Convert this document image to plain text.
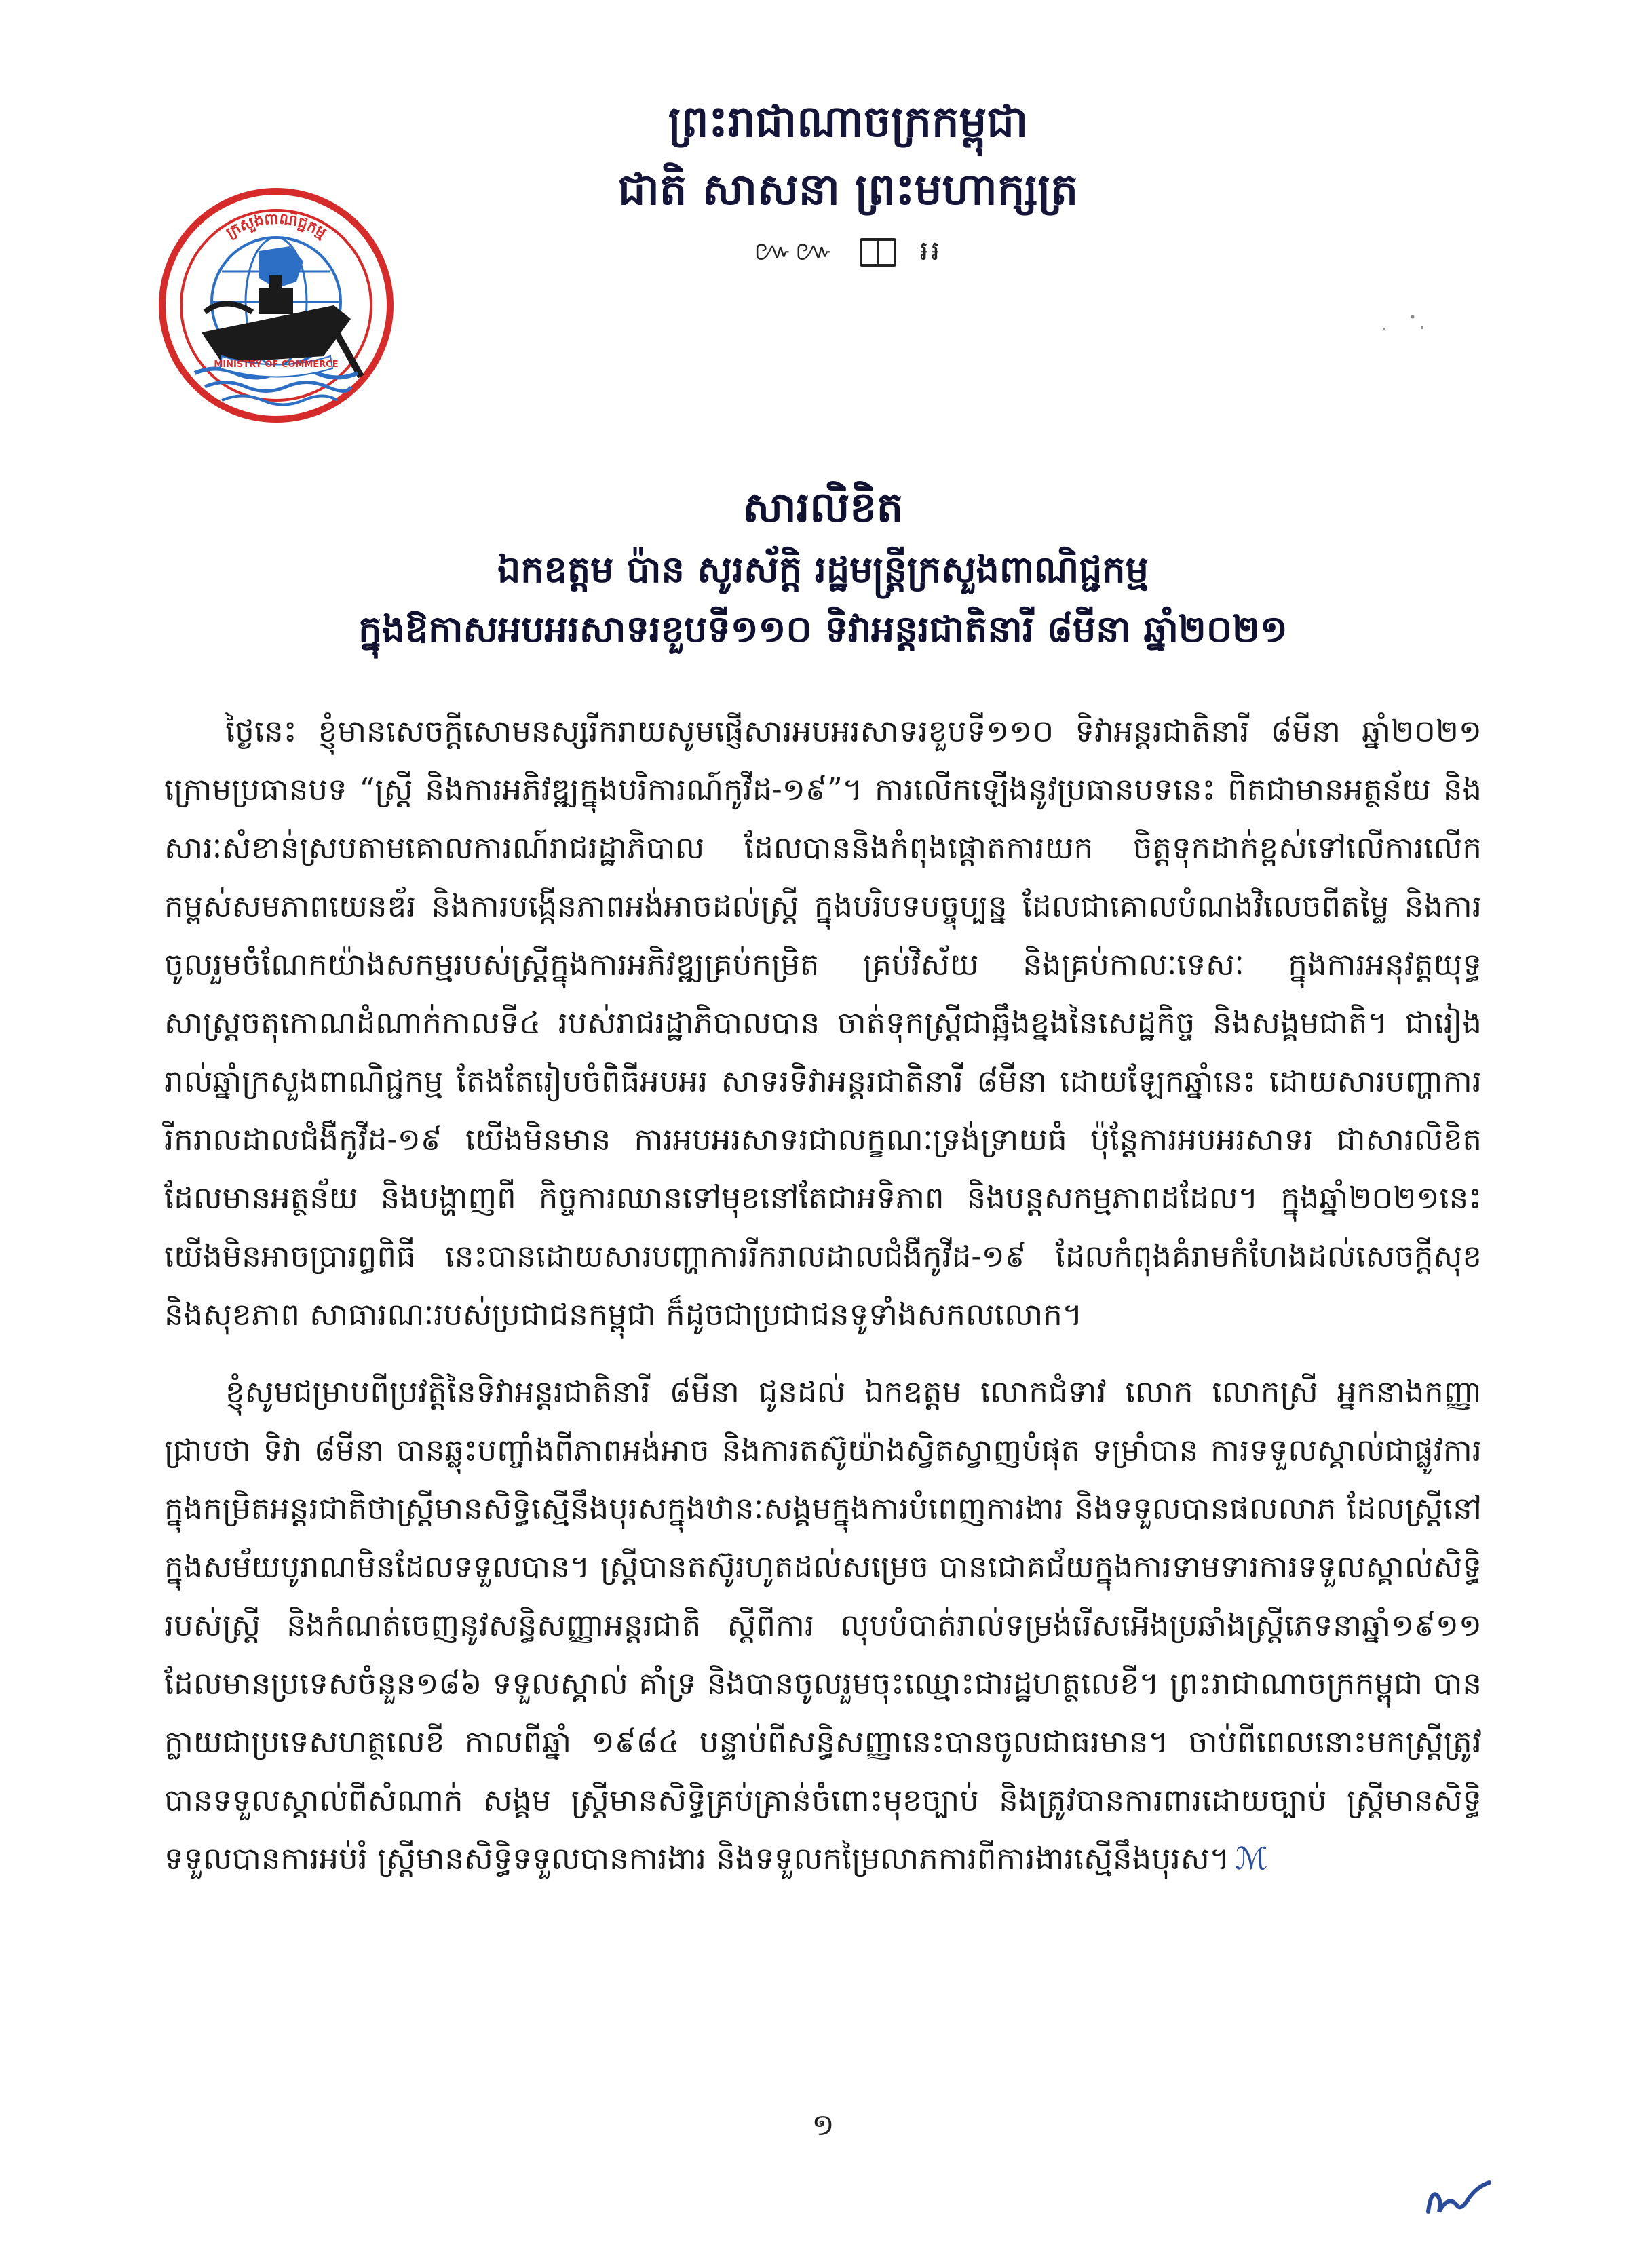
ក្រសួងពាណិជ្ជកម្ម
MINISTRY OF COMMERCE
ព្រះរាជាណាចក្រកម្ពុជា
ជាតិ សាសនា ព្រះមហាក្សត្រ
៚៚	៛៛
សារលិខិត
ឯកឧត្តម ប៉ាន សូរស័ក្តិ រដ្ឋមន្ត្រីក្រសួងពាណិជ្ជកម្ម
ក្នុងឱកាសអបអរសាទរខួបទី១១០ ទិវាអន្តរជាតិនារី ៨មីនា ឆ្នាំ២០២១

ថ្ងៃនេះ ខ្ញុំមានសេចក្តីសោមនស្សរីករាយសូមផ្ញើសារអបអរសាទរខួបទី១១០ ទិវាអន្តរជាតិនារី ៨មីនា ឆ្នាំ២០២១ ក្រោមប្រធានបទ “ស្ត្រី និងការអភិវឌ្ឍក្នុងបរិការណ៍កូវីដ-១៩”។ ការលើកឡើងនូវប្រធានបទនេះ ពិតជាមានអត្ថន័យ និងសារៈសំខាន់ស្របតាមគោលការណ៍រាជរដ្ឋាភិបាល ដែលបាននិងកំពុងផ្តោតការយក ចិត្តទុកដាក់ខ្ពស់ទៅលើការលើកកម្ពស់សមភាពយេនឌ័រ និងការបង្កើនភាពអង់អាចដល់ស្ត្រី ក្នុងបរិបទបច្ចុប្បន្ន ដែលជាគោលបំណងវិលេចពីតម្លៃ និងការចូលរួមចំណែកយ៉ាងសកម្មរបស់ស្ត្រីក្នុងការអភិវឌ្ឍគ្រប់កម្រិត គ្រប់វិស័យ និងគ្រប់កាលៈទេសៈ ក្នុងការអនុវត្តយុទ្ធសាស្រ្តចតុកោណដំណាក់កាលទី៤ របស់រាជរដ្ឋាភិបាលបាន ចាត់ទុកស្ត្រីជាឆ្អឹងខ្នងនៃសេដ្ឋកិច្ច និងសង្គមជាតិ។ ជារៀងរាល់ឆ្នាំក្រសួងពាណិជ្ជកម្ម តែងតែរៀបចំពិធីអបអរ សាទរទិវាអន្តរជាតិនារី ៨មីនា ដោយឡែកឆ្នាំនេះ ដោយសារបញ្ហាការរីករាលដាលជំងឺកូវីដ-១៩ យើងមិនមាន ការអបអរសាទរជាលក្ខណៈទ្រង់ទ្រាយធំ ប៉ុន្តែការអបអរសាទរ ជាសារលិខិតដែលមានអត្ថន័យ និងបង្ហាញពី កិច្ចការឈានទៅមុខនៅតែជាអទិភាព និងបន្តសកម្មភាពដដែល។ ក្នុងឆ្នាំ២០២១នេះ យើងមិនអាចប្រារព្ធពិធី នេះបានដោយសារបញ្ហាការរីករាលដាលជំងឺកូវីដ-១៩ ដែលកំពុងគំរាមកំហែងដល់សេចក្តីសុខ និងសុខភាព សាធារណៈរបស់ប្រជាជនកម្ពុជា ក៏ដូចជាប្រជាជនទូទាំងសកលលោក។

ខ្ញុំសូមជម្រាបពីប្រវត្តិនៃទិវាអន្តរជាតិនារី ៨មីនា ជូនដល់ ឯកឧត្តម លោកជំទាវ លោក លោកស្រី អ្នកនាងកញ្ញា ជ្រាបថា ទិវា ៨មីនា បានឆ្លុះបញ្ចាំងពីភាពអង់អាច និងការតស៊ូយ៉ាងស្វិតស្វាញបំផុត ទម្រាំបាន ការទទួលស្គាល់ជាផ្លូវការក្នុងកម្រិតអន្តរជាតិថាស្ត្រីមានសិទ្ធិស្មើនឹងបុរសក្នុងឋានៈសង្គមក្នុងការបំពេញការងារ និងទទួលបានផលលាភ ដែលស្ត្រីនៅក្នុងសម័យបូរាណមិនដែលទទួលបាន។ ស្ត្រីបានតស៊ូរហូតដល់សម្រេច បានជោគជ័យក្នុងការទាមទារការទទួលស្គាល់សិទ្ធិរបស់ស្ត្រី និងកំណត់ចេញនូវសន្ធិសញ្ញាអន្តរជាតិ ស្តីពីការ លុបបំបាត់រាល់ទម្រង់រើសអើងប្រឆាំងស្ត្រីភេទនាឆ្នាំ១៩១១ ដែលមានប្រទេសចំនួន១៨៦ ទទួលស្គាល់ គាំទ្រ និងបានចូលរួមចុះឈ្មោះជារដ្ឋហត្ថលេខី។ ព្រះរាជាណាចក្រកម្ពុជា បានក្លាយជាប្រទេសហត្ថលេខី កាលពីឆ្នាំ ១៩៨៤ បន្ទាប់ពីសន្ធិសញ្ញានេះបានចូលជាធរមាន។ ចាប់ពីពេលនោះមកស្ត្រីត្រូវបានទទួលស្គាល់ពីសំណាក់ សង្គម ស្ត្រីមានសិទ្ធិគ្រប់គ្រាន់ចំពោះមុខច្បាប់ និងត្រូវបានការពារដោយច្បាប់ ស្ត្រីមានសិទ្ធិទទួលបានការអប់រំ ស្ត្រីមានសិទ្ធិទទួលបានការងារ និងទទួលកម្រៃលាភការពីការងារស្មើនឹងបុរស។ ℳ

១
